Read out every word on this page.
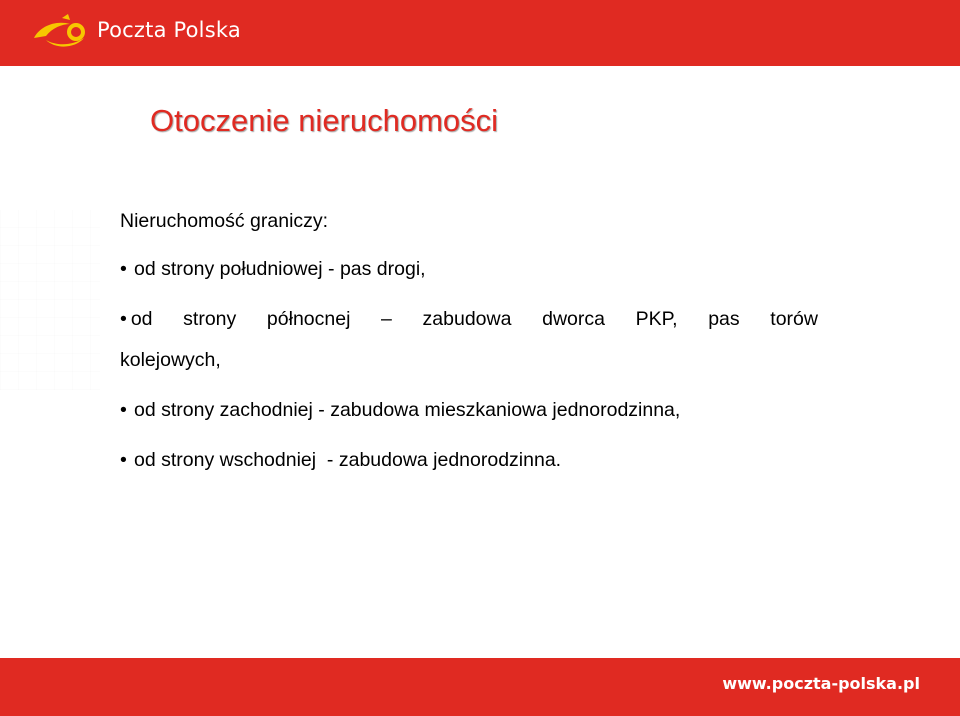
Poczta Polska
Otoczenie nieruchomości
Nieruchomość graniczy:
• od strony południowej - pas drogi,
• od strony północnej – zabudowa dworca PKP, pas torów
kolejowych,
• od strony zachodniej - zabudowa mieszkaniowa jednorodzinna,
• od strony wschodniej  - zabudowa jednorodzinna.
www.poczta-polska.pl
